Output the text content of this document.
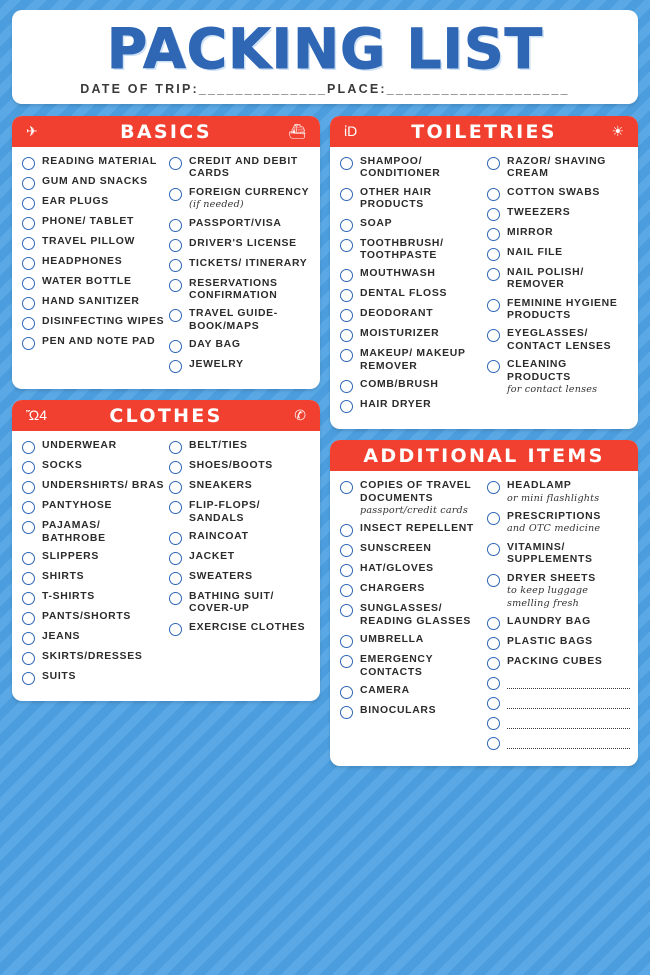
PACKING LIST
DATE OF TRIP:______________PLACE:____________________
✈	BASICS	⛴
READING MATERIAL
GUM AND SNACKS
EAR PLUGS
PHONE/ TABLET
TRAVEL PILLOW
HEADPHONES
WATER BOTTLE
HAND SANITIZER
DISINFECTING WIPES
PEN AND NOTE PAD
CREDIT AND DEBIT CARDS
FOREIGN CURRENCY
(if needed)
PASSPORT/VISA
DRIVER'S LICENSE
TICKETS/ ITINERARY
RESERVATIONS CONFIRMATION
TRAVEL GUIDE-BOOK/MAPS
DAY BAG
JEWELRY
Ὤ4	CLOTHES	✆
UNDERWEAR
SOCKS
UNDERSHIRTS/ BRAS
PANTYHOSE
PAJAMAS/ BATHROBE
SLIPPERS
SHIRTS
T-SHIRTS
PANTS/SHORTS
JEANS
SKIRTS/DRESSES
SUITS
BELT/TIES
SHOES/BOOTS
SNEAKERS
FLIP-FLOPS/ SANDALS
RAINCOAT
JACKET
SWEATERS
BATHING SUIT/ COVER-UP
EXERCISE CLOTHES
ἰD	TOILETRIES	☀
SHAMPOO/ CONDITIONER
OTHER HAIR PRODUCTS
SOAP
TOOTHBRUSH/ TOOTHPASTE
MOUTHWASH
DENTAL FLOSS
DEODORANT
MOISTURIZER
MAKEUP/ MAKEUP REMOVER
COMB/BRUSH
HAIR DRYER
RAZOR/ SHAVING CREAM
COTTON SWABS
TWEEZERS
MIRROR
NAIL FILE
NAIL POLISH/ REMOVER
FEMININE HYGIENE PRODUCTS
EYEGLASSES/ CONTACT LENSES
CLEANING PRODUCTS
for contact lenses
ADDITIONAL ITEMS
COPIES OF TRAVEL DOCUMENTS
passport/credit cards
INSECT REPELLENT
SUNSCREEN
HAT/GLOVES
CHARGERS
SUNGLASSES/ READING GLASSES
UMBRELLA
EMERGENCY CONTACTS
CAMERA
BINOCULARS
HEADLAMP
or mini flashlights
PRESCRIPTIONS
and OTC medicine
VITAMINS/ SUPPLEMENTS
DRYER SHEETS
to keep luggage smelling fresh
LAUNDRY BAG
PLASTIC BAGS
PACKING CUBES
